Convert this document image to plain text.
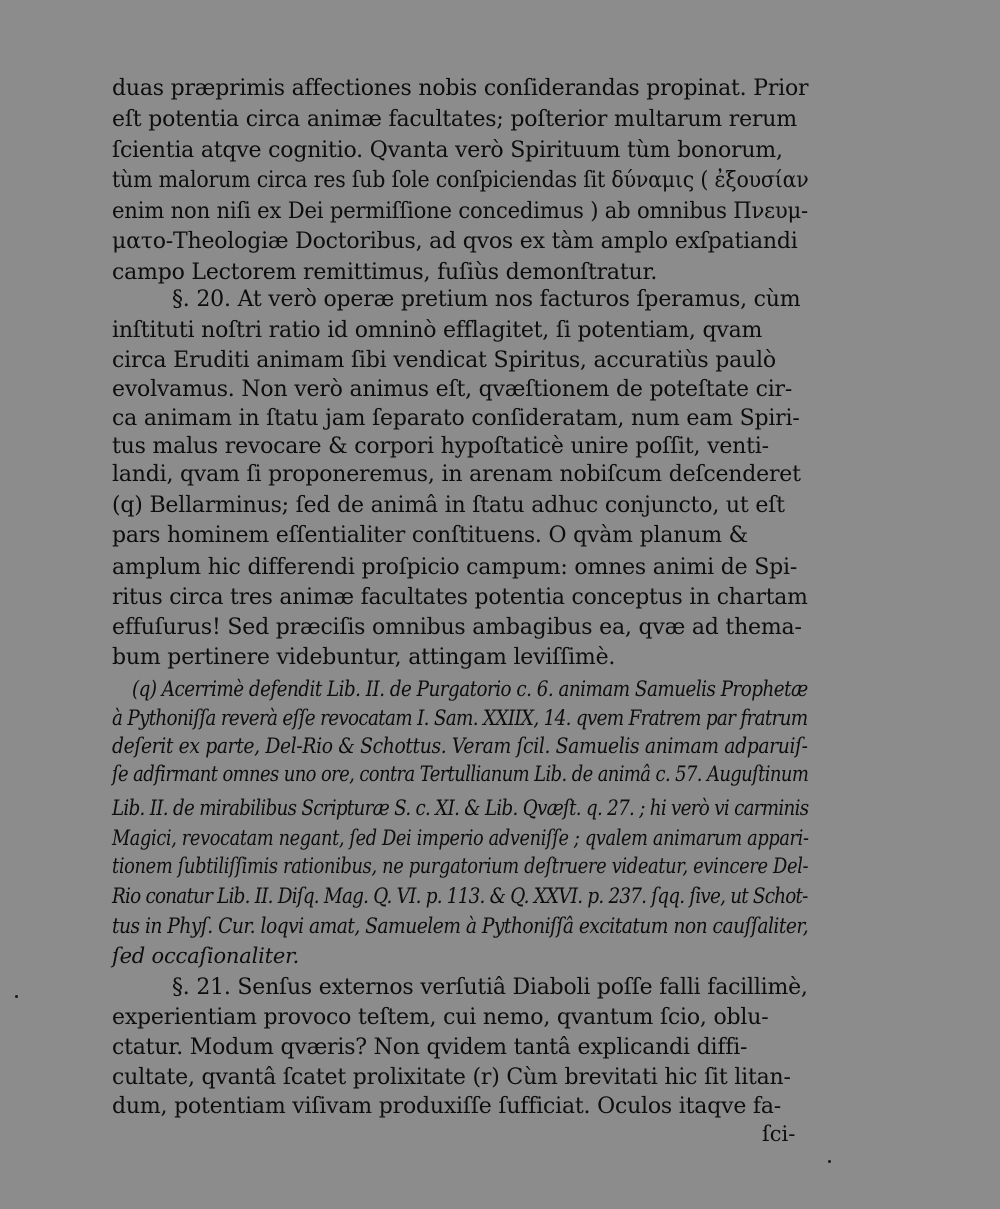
duas præprimis affectiones nobis conſiderandas propinat. Prior
eſt potentia circa animæ facultates; poſterior multarum rerum
ſcientia atqve cognitio. Qvanta verò Spirituum tùm bonorum,
tùm malorum circa res ſub ſole conſpiciendas ſit δύναμις ( ἐξουσίαν
enim non niſi ex Dei permiſſione concedimus ) ab omnibus Πνευμ-
ματο-Theologiæ Doctoribus, ad qvos ex tàm amplo exſpatiandi
campo Lectorem remittimus, fuſiùs demonſtratur.
§. 20. At verò operæ pretium nos facturos ſperamus, cùm
inſtituti noſtri ratio id omninò efflagitet, ſi potentiam, qvam
circa Eruditi animam ſibi vendicat Spiritus, accuratiùs paulò
evolvamus. Non verò animus eſt, qvæſtionem de poteſtate cir-
ca animam in ſtatu jam ſeparato conſideratam, num eam Spiri-
tus malus revocare & corpori hypoſtaticè unire poſſit, venti-
landi, qvam ſi proponeremus, in arenam nobiſcum deſcenderet
(q) Bellarminus; ſed de animâ in ſtatu adhuc conjuncto, ut eſt
pars hominem eſſentialiter conſtituens. O qvàm planum &
amplum hic differendi proſpicio campum: omnes animi de Spi-
ritus circa tres animæ facultates potentia conceptus in chartam
effuſurus! Sed præciſis omnibus ambagibus ea, qvæ ad thema-
bum pertinere videbuntur, attingam leviſſimè.
(q) Acerrimè defendit Lib. II. de Purgatorio c. 6. animam Samuelis Prophetæ
à Pythoniſſa reverà eſſe revocatam I. Sam. XXIIX, 14. qvem Fratrem par fratrum
deſerit ex parte, Del-Rio & Schottus. Veram ſcil. Samuelis animam adparuiſ-
ſe adfirmant omnes uno ore, contra Tertullianum Lib. de animâ c. 57. Auguſtinum
Lib. II. de mirabilibus Scripturæ S. c. XI. & Lib. Qvæſt. q. 27. ; hi verò vi carminis
Magici, revocatam negant, ſed Dei imperio adveniſſe ; qvalem animarum appari-
tionem ſubtiliſſimis rationibus, ne purgatorium deſtruere videatur, evincere Del-
Rio conatur Lib. II. Diſq. Mag. Q. VI. p. 113. & Q. XXVI. p. 237. ſqq. ſive, ut Schot-
tus in Phyſ. Cur. loqvi amat, Samuelem à Pythoniſſâ excitatum non cauſſaliter,
ſed occaſionaliter.
§. 21. Senſus externos verſutiâ Diaboli poſſe falli facillimè,
experientiam provoco teſtem, cui nemo, qvantum ſcio, oblu-
ctatur. Modum qværis? Non qvidem tantâ explicandi diffi-
cultate, qvantâ ſcatet prolixitate (r) Cùm brevitati hic ſit litan-
dum, potentiam viſivam produxiſſe ſufficiat. Oculos itaqve fa-
ſci-
